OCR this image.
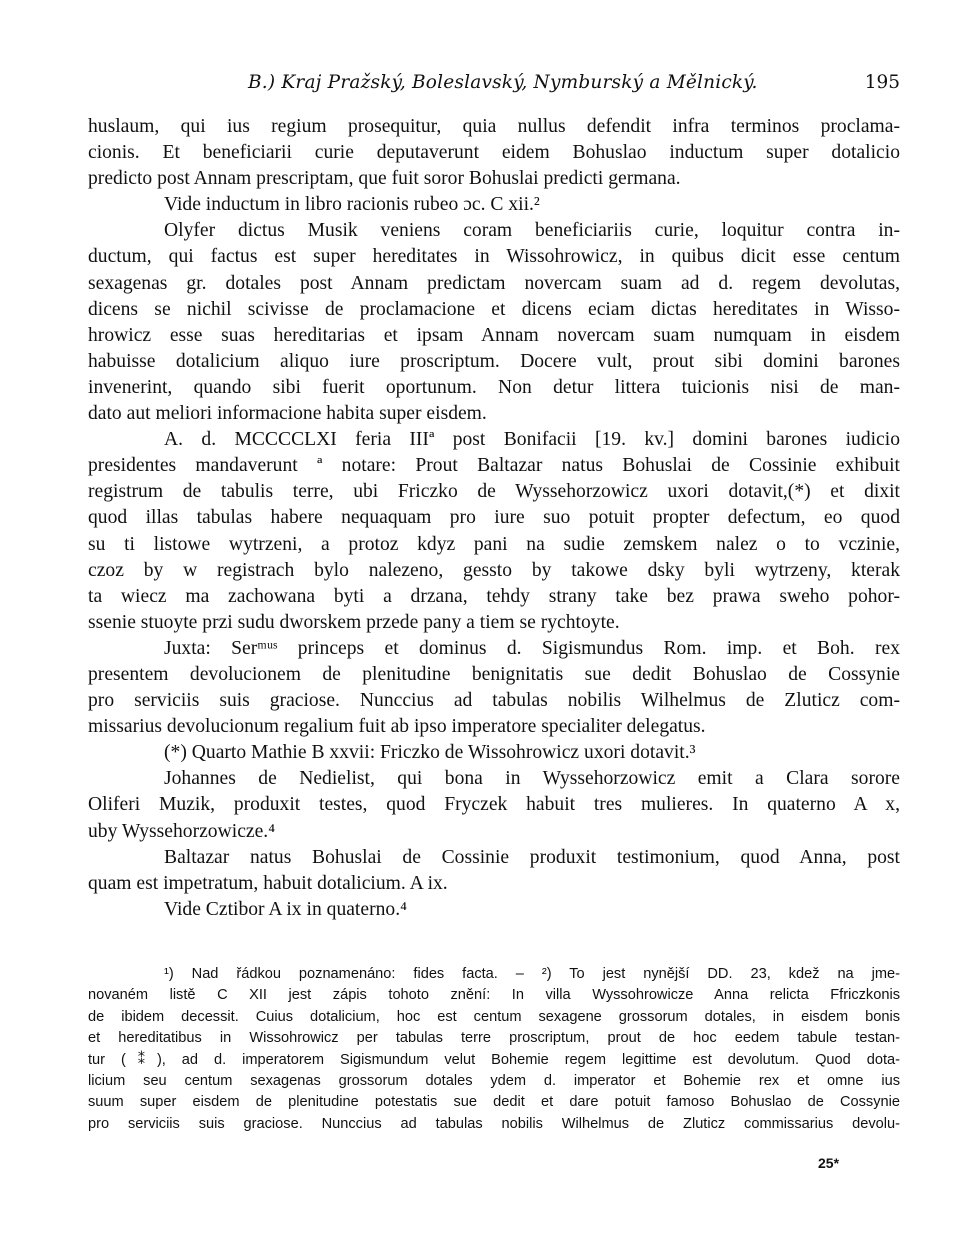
B.) Kraj Pražský, Boleslavský, Nymburský a Mělnický.	195
huslaum, qui ius regium prosequitur, quia nullus defendit infra terminos proclama-
cionis. Et beneficiarii curie deputaverunt eidem Bohuslao inductum super dotalicio
predicto post Annam prescriptam, que fuit soror Bohuslai predicti germana.
Vide inductum in libro racionis rubeo ɔc. C xii.²
Olyfer dictus Musik veniens coram beneficiariis curie, loquitur contra in-
ductum, qui factus est super hereditates in Wissohrowicz, in quibus dicit esse centum
sexagenas gr. dotales post Annam predictam novercam suam ad d. regem devolutas,
dicens se nichil scivisse de proclamacione et dicens eciam dictas hereditates in Wisso-
hrowicz esse suas hereditarias et ipsam Annam novercam suam numquam in eisdem
habuisse dotalicium aliquo iure proscriptum. Docere vult, prout sibi domini barones
invenerint, quando sibi fuerit oportunum. Non detur littera tuicionis nisi de man-
dato aut meliori informacione habita super eisdem.
A. d. MCCCCLXI feria IIIª post Bonifacii [19. kv.] domini barones iudicio
presidentes mandaverunt ª notare: Prout Baltazar natus Bohuslai de Cossinie exhibuit
registrum de tabulis terre, ubi Friczko de Wyssehorzowicz uxori dotavit,(*) et dixit
quod illas tabulas habere nequaquam pro iure suo potuit propter defectum, eo quod
su ti listowe wytrzeni, a protoz kdyz pani na sudie zemskem nalez o to vczinie,
czoz by w registrach bylo nalezeno, gessto by takowe dsky byli wytrzeny, kterak
ta wiecz ma zachowana byti a drzana, tehdy strany take bez prawa sweho pohor-
ssenie stuoyte przi sudu dworskem przede pany a tiem se rychtoyte.
Juxta: Serᵐᵘˢ princeps et dominus d. Sigismundus Rom. imp. et Boh. rex
presentem devolucionem de plenitudine benignitatis sue dedit Bohuslao de Cossynie
pro serviciis suis graciose. Nunccius ad tabulas nobilis Wilhelmus de Zluticz com-
missarius devolucionum regalium fuit ab ipso imperatore specialiter delegatus.
(*) Quarto Mathie B xxvii: Friczko de Wissohrowicz uxori dotavit.³
Johannes de Nedielist, qui bona in Wyssehorzowicz emit a Clara sorore
Oliferi Muzik, produxit testes, quod Fryczek habuit tres mulieres. In quaterno A x,
uby Wyssehorzowicze.⁴
Baltazar natus Bohuslai de Cossinie produxit testimonium, quod Anna, post
quam est impetratum, habuit dotalicium. A ix.
Vide Cztibor A ix in quaterno.⁴
¹) Nad řádkou poznamenáno: fides facta. – ²) To jest nynější DD. 23, kdež na jme-
novaném listě C XII jest zápis tohoto znění: In villa Wyssohrowicze Anna relicta Ffriczkonis
de ibidem decessit. Cuius dotalicium, hoc est centum sexagene grossorum dotales, in eisdem bonis
et hereditatibus in Wissohrowicz per tabulas terre proscriptum, prout de hoc eedem tabule testan-
tur (⁑), ad d. imperatorem Sigismundum velut Bohemie regem legittime est devolutum. Quod dota-
licium seu centum sexagenas grossorum dotales ydem d. imperator et Bohemie rex et omne ius
suum super eisdem de plenitudine potestatis sue dedit et dare potuit famoso Bohuslao de Cossynie
pro serviciis suis graciose. Nunccius ad tabulas nobilis Wilhelmus de Zluticz commissarius devolu-
25*
